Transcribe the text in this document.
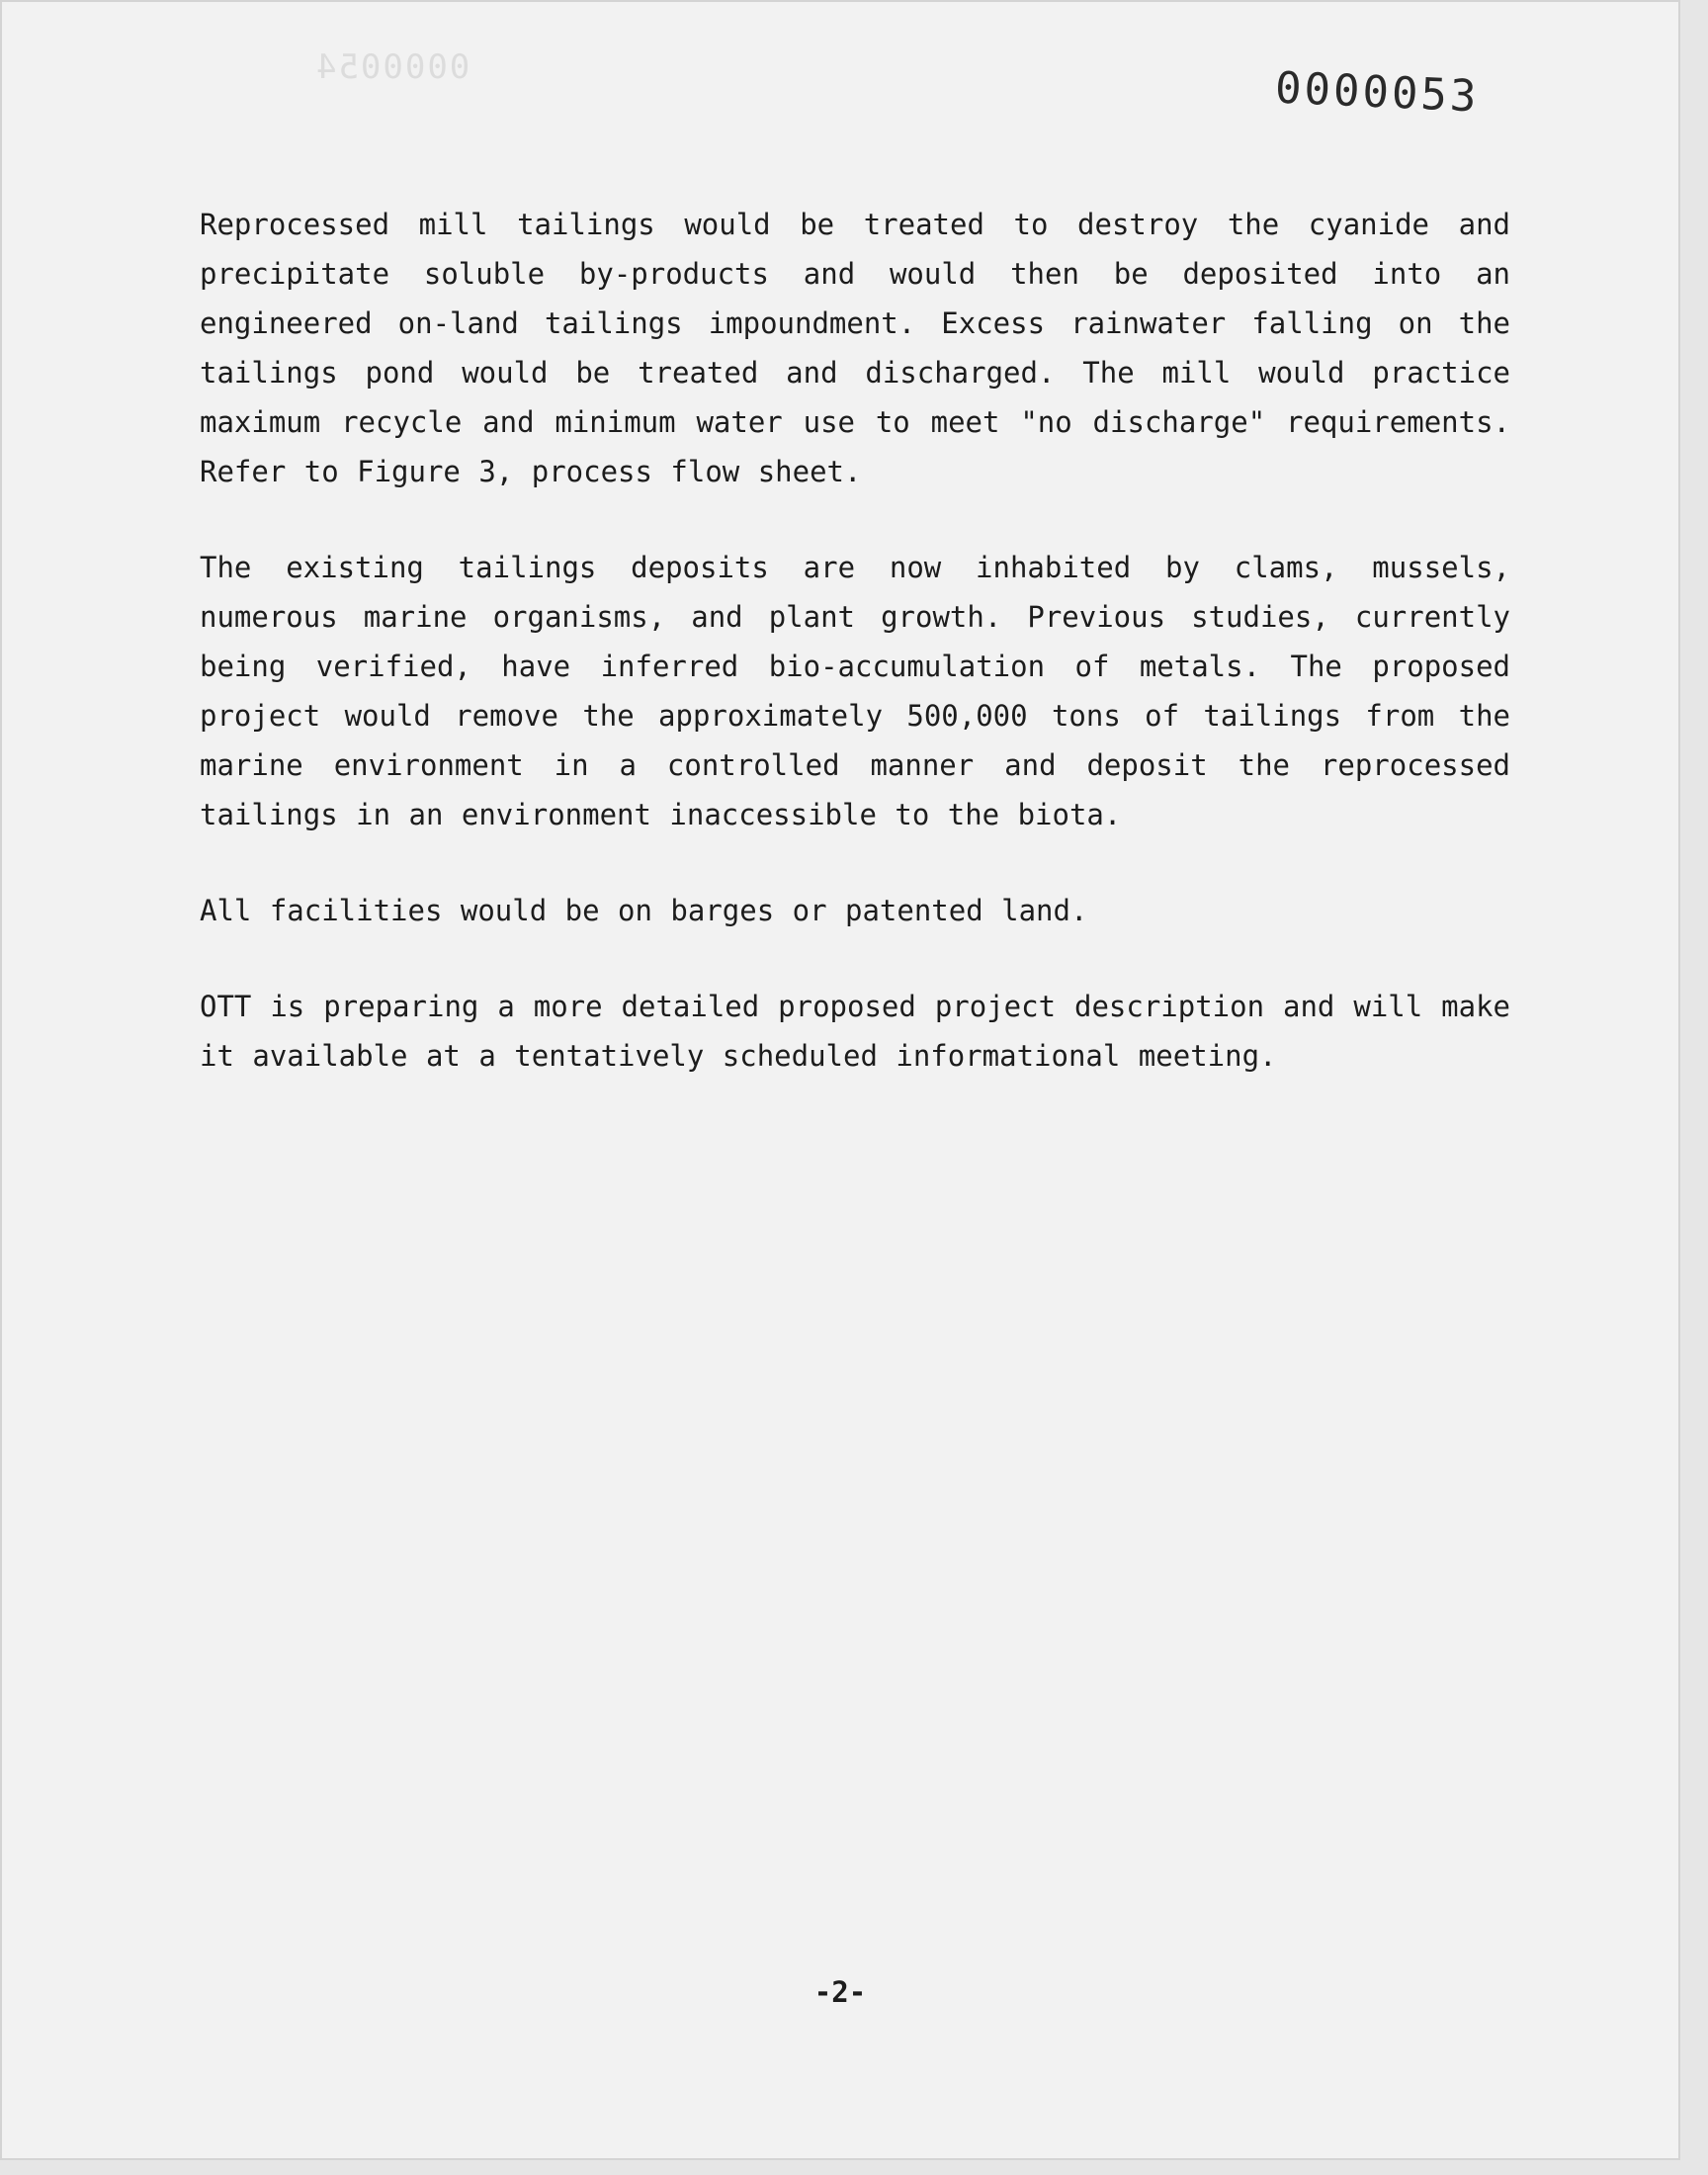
0000054	0000053

Reprocessed mill tailings would be treated to destroy the cyanide and precipitate soluble by-products and would then be deposited into an engineered on-land tailings impoundment. Excess rainwater falling on the tailings pond would be treated and discharged. The mill would practice maximum recycle and minimum water use to meet "no discharge" requirements. Refer to Figure 3, process flow sheet.

The existing tailings deposits are now inhabited by clams, mussels, numerous marine organisms, and plant growth. Previous studies, currently being verified, have inferred bio-accumulation of metals. The proposed project would remove the approximately 500,000 tons of tailings from the marine environment in a controlled manner and deposit the reprocessed tailings in an environment inaccessible to the biota.

All facilities would be on barges or patented land.

OTT is preparing a more detailed proposed project description and will make it available at a tentatively scheduled informational meeting.

-2-
